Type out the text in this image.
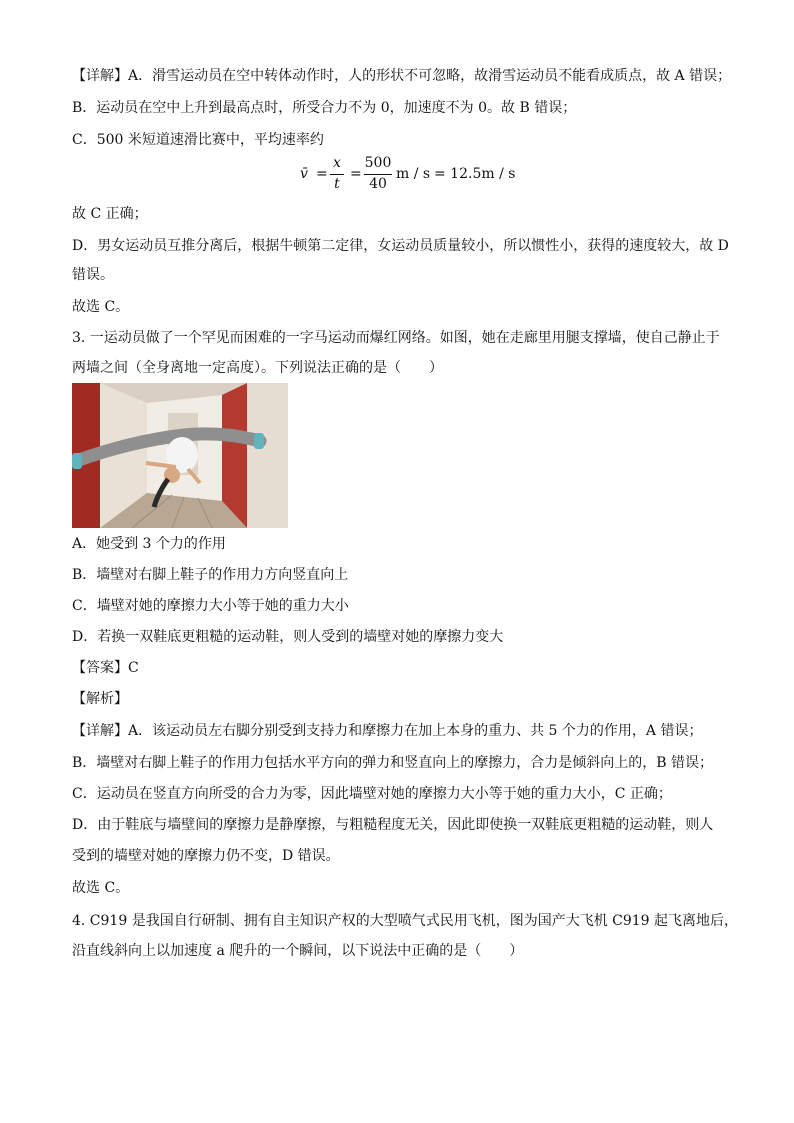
【详解】A．滑雪运动员在空中转体动作时，人的形状不可忽略，故滑雪运动员不能看成质点，故 A 错误；
B．运动员在空中上升到最高点时，所受合力不为 0，加速度不为 0。故 B 错误；
C．500 米短道速滑比赛中，平均速率约
v̄ =
x
t
=
500
40
m / s = 12.5m / s
故 C 正确；
D．男女运动员互推分离后，根据牛顿第二定律，女运动员质量较小，所以惯性小，获得的速度较大，故 D
错误。
故选 C。
3. 一运动员做了一个罕见而困难的一字马运动而爆红网络。如图，她在走廊里用腿支撑墙，使自己静止于
两墙之间（全身离地一定高度）。下列说法正确的是（　　）
A．她受到 3 个力的作用
B．墙壁对右脚上鞋子的作用力方向竖直向上
C．墙壁对她的摩擦力大小等于她的重力大小
D．若换一双鞋底更粗糙的运动鞋，则人受到的墙壁对她的摩擦力变大
【答案】C
【解析】
【详解】A．该运动员左右脚分别受到支持力和摩擦力在加上本身的重力、共 5 个力的作用，A 错误；
B．墙壁对右脚上鞋子的作用力包括水平方向的弹力和竖直向上的摩擦力，合力是倾斜向上的，B 错误；
C．运动员在竖直方向所受的合力为零，因此墙壁对她的摩擦力大小等于她的重力大小，C 正确；
D．由于鞋底与墙壁间的摩擦力是静摩擦，与粗糙程度无关，因此即使换一双鞋底更粗糙的运动鞋，则人
受到的墙壁对她的摩擦力仍不变，D 错误。
故选 C。
4. C919 是我国自行研制、拥有自主知识产权的大型喷气式民用飞机，图为国产大飞机 C919 起飞离地后，
沿直线斜向上以加速度 a 爬升的一个瞬间，以下说法中正确的是（　　）
